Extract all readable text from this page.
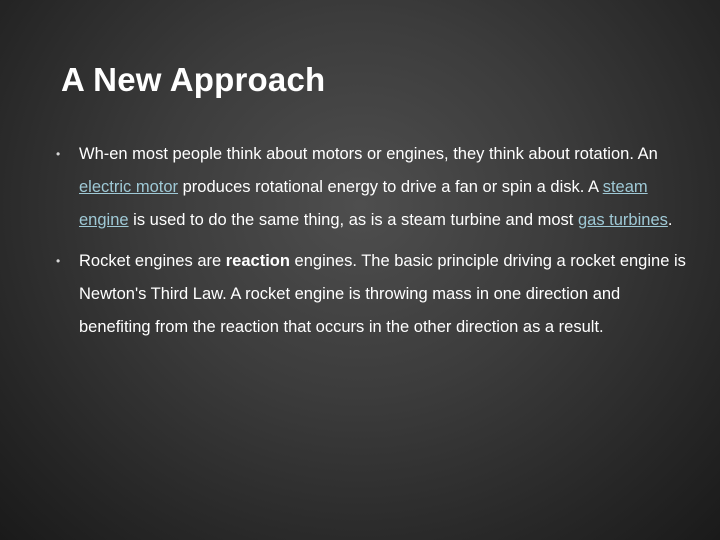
A New Approach
• Wh-en most people think about motors or engines, they think about rotation. An electric motor produces rotational energy to drive a fan or spin a disk. A steam engine is used to do the same thing, as is a steam turbine and most gas turbines.
• Rocket engines are reaction engines. The basic principle driving a rocket engine is Newton's Third Law. A rocket engine is throwing mass in one direction and benefiting from the reaction that occurs in the other direction as a result.
